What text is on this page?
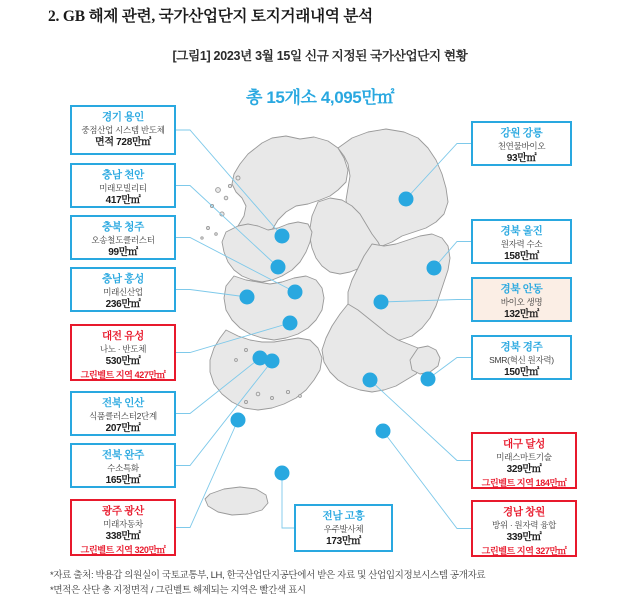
2. GB 해제 관련, 국가산업단지 토지거래내역 분석
[그림1] 2023년 3월 15일 신규 지정된 국가산업단지 현황
총 15개소 4,095만㎡
경기 용인
중점산업 시스템 반도체
면적 728만㎡
충남 천안
미래모빌리티
417만㎡
충북 청주
오송철도클러스터
99만㎡
충남 홍성
미래신산업
236만㎡
대전 유성
나노 · 반도체
530만㎡
그린벨트 지역 427만㎡
전북 인산
식품클러스터2단계
207만㎡
전북 완주
수소특화
165만㎡
광주 광산
미래자동차
338만㎡
그린벨트 지역 320만㎡
전남 고흥
우주발사체
173만㎡
강원 강릉
천연물바이오
93만㎡
경북 울진
원자력 수소
158만㎡
경북 안동
바이오 생명
132만㎡
경북 경주
SMR(혁신 원자력)
150만㎡
대구 달성
미래스마트기술
329만㎡
그린벨트 지역 184만㎡
경남 창원
방위 · 원자력 융합
339만㎡
그린벨트 지역 327만㎡
*자료 출처: 박용갑 의원실이 국토교통부, LH, 한국산업단지공단에서 받은 자료 및 산업입지정보시스템 공개자료
*면적은 산단 총 지정면적 / 그린벨트 해제되는 지역은 빨간색 표시
